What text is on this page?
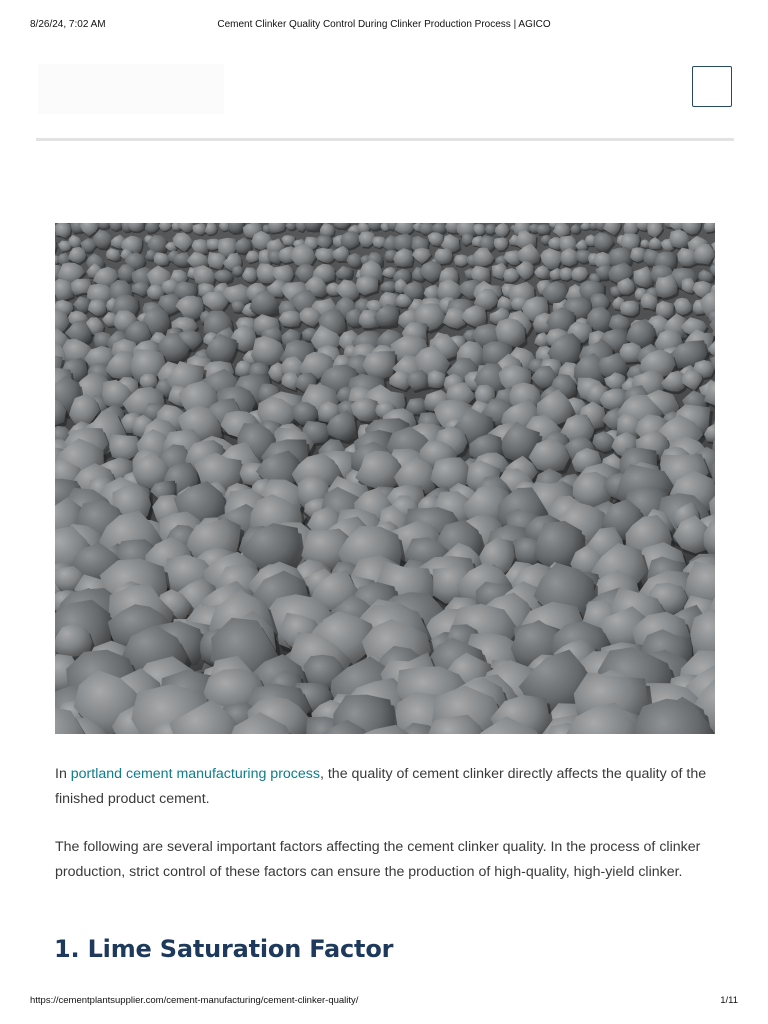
8/26/24, 7:02 AM	Cement Clinker Quality Control During Clinker Production Process | AGICO

In portland cement manufacturing process, the quality of cement clinker directly affects the quality of the finished product cement.

The following are several important factors affecting the cement clinker quality. In the process of clinker production, strict control of these factors can ensure the production of high-quality, high-yield clinker.

1. Lime Saturation Factor
https://cementplantsupplier.com/cement-manufacturing/cement-clinker-quality/	1/11
